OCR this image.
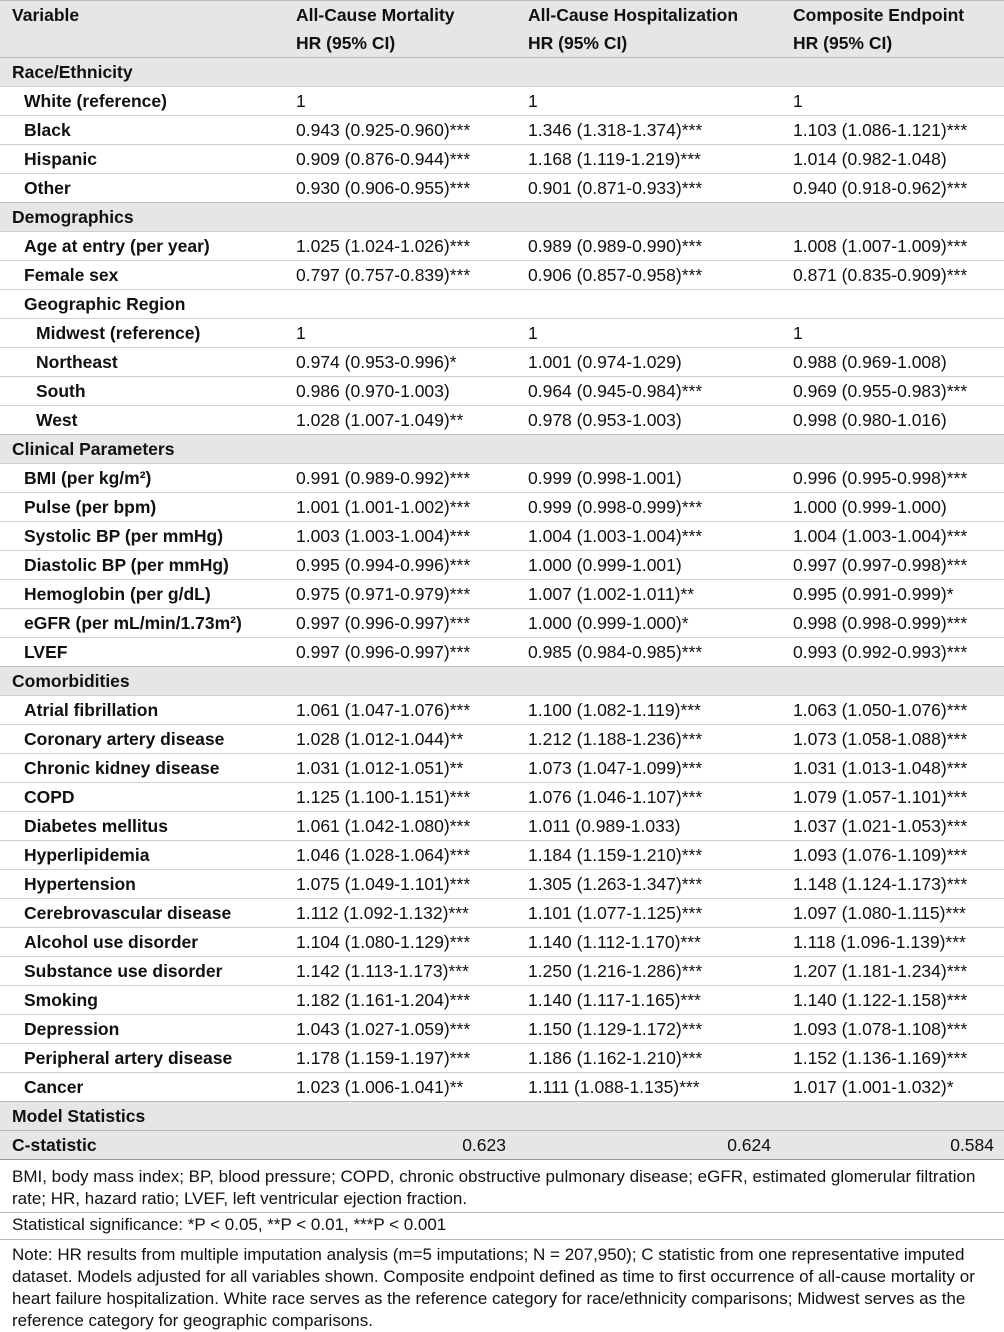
Variable	All-Cause Mortality	All-Cause Hospitalization	Composite Endpoint
	HR (95% CI)	HR (95% CI)	HR (95% CI)
Race/Ethnicity			
White (reference)	1	1	1
Black	0.943 (0.925-0.960)***	1.346 (1.318-1.374)***	1.103 (1.086-1.121)***
Hispanic	0.909 (0.876-0.944)***	1.168 (1.119-1.219)***	1.014 (0.982-1.048)
Other	0.930 (0.906-0.955)***	0.901 (0.871-0.933)***	0.940 (0.918-0.962)***
Demographics			
Age at entry (per year)	1.025 (1.024-1.026)***	0.989 (0.989-0.990)***	1.008 (1.007-1.009)***
Female sex	0.797 (0.757-0.839)***	0.906 (0.857-0.958)***	0.871 (0.835-0.909)***
Geographic Region			
Midwest (reference)	1	1	1
Northeast	0.974 (0.953-0.996)*	1.001 (0.974-1.029)	0.988 (0.969-1.008)
South	0.986 (0.970-1.003)	0.964 (0.945-0.984)***	0.969 (0.955-0.983)***
West	1.028 (1.007-1.049)**	0.978 (0.953-1.003)	0.998 (0.980-1.016)
Clinical Parameters			
BMI (per kg/m²)	0.991 (0.989-0.992)***	0.999 (0.998-1.001)	0.996 (0.995-0.998)***
Pulse (per bpm)	1.001 (1.001-1.002)***	0.999 (0.998-0.999)***	1.000 (0.999-1.000)
Systolic BP (per mmHg)	1.003 (1.003-1.004)***	1.004 (1.003-1.004)***	1.004 (1.003-1.004)***
Diastolic BP (per mmHg)	0.995 (0.994-0.996)***	1.000 (0.999-1.001)	0.997 (0.997-0.998)***
Hemoglobin (per g/dL)	0.975 (0.971-0.979)***	1.007 (1.002-1.011)**	0.995 (0.991-0.999)*
eGFR (per mL/min/1.73m²)	0.997 (0.996-0.997)***	1.000 (0.999-1.000)*	0.998 (0.998-0.999)***
LVEF	0.997 (0.996-0.997)***	0.985 (0.984-0.985)***	0.993 (0.992-0.993)***
Comorbidities			
Atrial fibrillation	1.061 (1.047-1.076)***	1.100 (1.082-1.119)***	1.063 (1.050-1.076)***
Coronary artery disease	1.028 (1.012-1.044)**	1.212 (1.188-1.236)***	1.073 (1.058-1.088)***
Chronic kidney disease	1.031 (1.012-1.051)**	1.073 (1.047-1.099)***	1.031 (1.013-1.048)***
COPD	1.125 (1.100-1.151)***	1.076 (1.046-1.107)***	1.079 (1.057-1.101)***
Diabetes mellitus	1.061 (1.042-1.080)***	1.011 (0.989-1.033)	1.037 (1.021-1.053)***
Hyperlipidemia	1.046 (1.028-1.064)***	1.184 (1.159-1.210)***	1.093 (1.076-1.109)***
Hypertension	1.075 (1.049-1.101)***	1.305 (1.263-1.347)***	1.148 (1.124-1.173)***
Cerebrovascular disease	1.112 (1.092-1.132)***	1.101 (1.077-1.125)***	1.097 (1.080-1.115)***
Alcohol use disorder	1.104 (1.080-1.129)***	1.140 (1.112-1.170)***	1.118 (1.096-1.139)***
Substance use disorder	1.142 (1.113-1.173)***	1.250 (1.216-1.286)***	1.207 (1.181-1.234)***
Smoking	1.182 (1.161-1.204)***	1.140 (1.117-1.165)***	1.140 (1.122-1.158)***
Depression	1.043 (1.027-1.059)***	1.150 (1.129-1.172)***	1.093 (1.078-1.108)***
Peripheral artery disease	1.178 (1.159-1.197)***	1.186 (1.162-1.210)***	1.152 (1.136-1.169)***
Cancer	1.023 (1.006-1.041)**	1.111 (1.088-1.135)***	1.017 (1.001-1.032)*
Model Statistics			
C-statistic	0.623	0.624	0.584
BMI, body mass index; BP, blood pressure; COPD, chronic obstructive pulmonary disease; eGFR, estimated glomerular filtration rate; HR, hazard ratio; LVEF, left ventricular ejection fraction.
Statistical significance: *P < 0.05, **P < 0.01, ***P < 0.001
Note: HR results from multiple imputation analysis (m=5 imputations; N = 207,950); C statistic from one representative imputed dataset. Models adjusted for all variables shown. Composite endpoint defined as time to first occurrence of all-cause mortality or heart failure hospitalization. White race serves as the reference category for race/ethnicity comparisons; Midwest serves as the reference category for geographic comparisons.
